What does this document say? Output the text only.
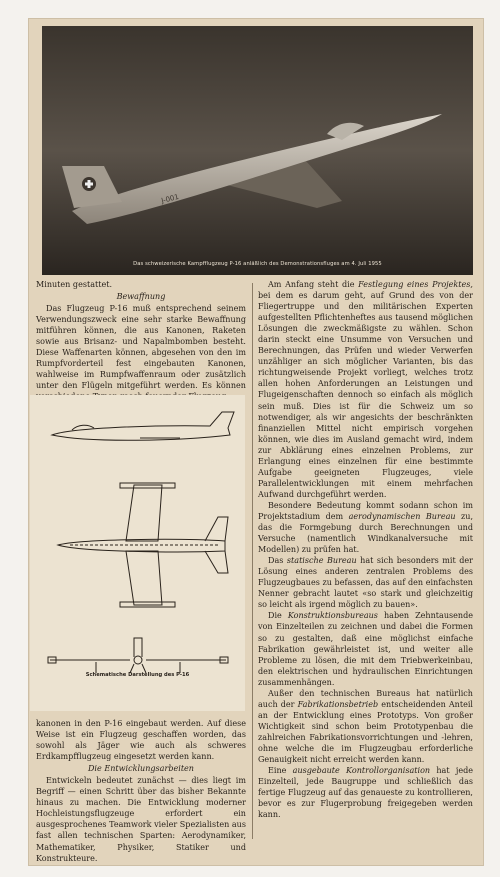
J-001
Das schweizerische Kampfflugzeug P-16 anläßlich des Demonstrationsfluges am 4. Juli 1955

Minuten gestattet.

Bewaffnung

Das Flugzeug P-16 muß entsprechend seinem Verwendungszweck eine sehr starke Bewaffnung mitführen können, die aus Kanonen, Raketen sowie aus Brisanz- und Napalmbomben besteht. Diese Waffenarten können, abgesehen von den im Rumpfvorderteil fest eingebauten Kanonen, wahlweise im Rumpfwaffenraum oder zusätzlich unter den Flügeln mitgeführt werden. Es können

Schematische Darstellung des P-16

kanonen in den P-16 eingebaut werden. Auf diese Weise ist ein Flugzeug geschaffen worden, das sowohl als Jäger wie auch als schweres Erdkampfflugzeug eingesetzt werden kann.

Die Entwicklungsarbeiten

Entwickeln bedeutet zunächst — dies liegt im Begriff — einen Schritt über das bisher Bekannte hinaus zu machen. Die Entwicklung moderner Hochleistungsflugzeuge erfordert ein ausgesprochenes Teamwork vieler Spezialisten aus fast allen technischen Sparten: Aerodynamiker, Mathematiker, Physiker, Statiker und Konstrukteure.

Am Anfang steht die Festlegung eines Projektes, bei dem es darum geht, auf Grund des von der Fliegertruppe und den militärischen Experten aufgestellten Pflichtenheftes aus tausend möglichen Lösungen die zweckmäßigste zu wählen. Schon darin steckt eine Unsumme von Versuchen und Berechnungen, das Prüfen und wieder Verwerfen unzähliger an sich möglicher Varianten, bis das richtungweisende Projekt vorliegt, welches trotz allen hohen Anforderungen an Leistungen und Flugeigenschaften dennoch so einfach als möglich sein muß. Dies ist für die Schweiz um so notwendiger, als wir angesichts der beschränkten finanziellen Mittel nicht empirisch vorgehen können, wie dies im Ausland gemacht wird, indem zur Abklärung eines einzelnen Problems, zur Erlangung eines einzelnen für eine bestimmte Aufgabe geeigneten Flugzeuges, viele Parallelentwicklungen mit einem mehrfachen Aufwand durchgeführt werden.

Besondere Bedeutung kommt sodann schon im Projektstadium dem aerodynamischen Bureau zu, das die Formgebung durch Berechnungen und Versuche (namentlich Windkanalversuche mit Modellen) zu prüfen hat.

Das statische Bureau hat sich besonders mit der Lösung eines anderen zentralen Problems des Flugzeugbaues zu befassen, das auf den einfachsten Nenner gebracht lautet «so stark und gleichzeitig so leicht als irgend möglich zu bauen».

Die Konstruktionsbureaus haben Zehntausende von Einzelteilen zu zeichnen und dabei die Formen so zu gestalten, daß eine möglichst einfache Fabrikation gewährleistet ist, und weiter alle Probleme zu lösen, die mit dem Triebwerkeinbau, den elektrischen und hydraulischen Einrichtungen zusammenhängen.

Außer den technischen Bureaus hat natürlich auch der Fabrikationsbetrieb entscheidenden Anteil an der Entwicklung eines Prototyps. Von großer Wichtigkeit sind schon beim Prototypenbau die zahlreichen Fabrikationsvorrichtungen und -lehren, ohne welche die im Flugzeugbau erforderliche Genauigkeit nicht erreicht werden kann.

Eine ausgebaute Kontrollorganisation hat jede Einzelteil, jede Baugruppe und schließlich das fertige Flugzeug auf das genaueste zu kontrollieren, bevor es zur Flugerprobung freigegeben werden kann.
